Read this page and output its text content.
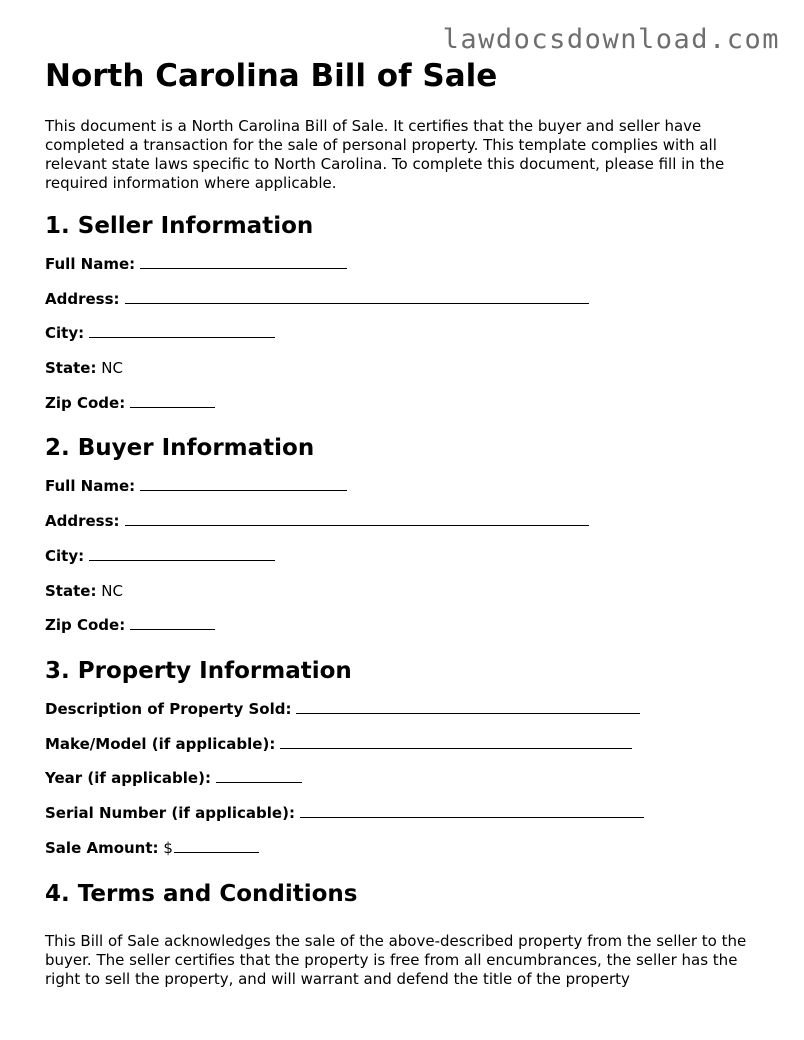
lawdocsdownload.com
North Carolina Bill of Sale

This document is a North Carolina Bill of Sale. It certifies that the buyer and seller have completed a transaction for the sale of personal property. This template complies with all relevant state laws specific to North Carolina. To complete this document, please fill in the required information where applicable.

1. Seller Information
Full Name:
Address:
City:
State: NC
Zip Code:
2. Buyer Information
Full Name:
Address:
City:
State: NC
Zip Code:
3. Property Information
Description of Property Sold:
Make/Model (if applicable):
Year (if applicable):
Serial Number (if applicable):
Sale Amount: $
4. Terms and Conditions

This Bill of Sale acknowledges the sale of the above-described property from the seller to the buyer. The seller certifies that the property is free from all encumbrances, the seller has the right to sell the property, and will warrant and defend the title of the property
